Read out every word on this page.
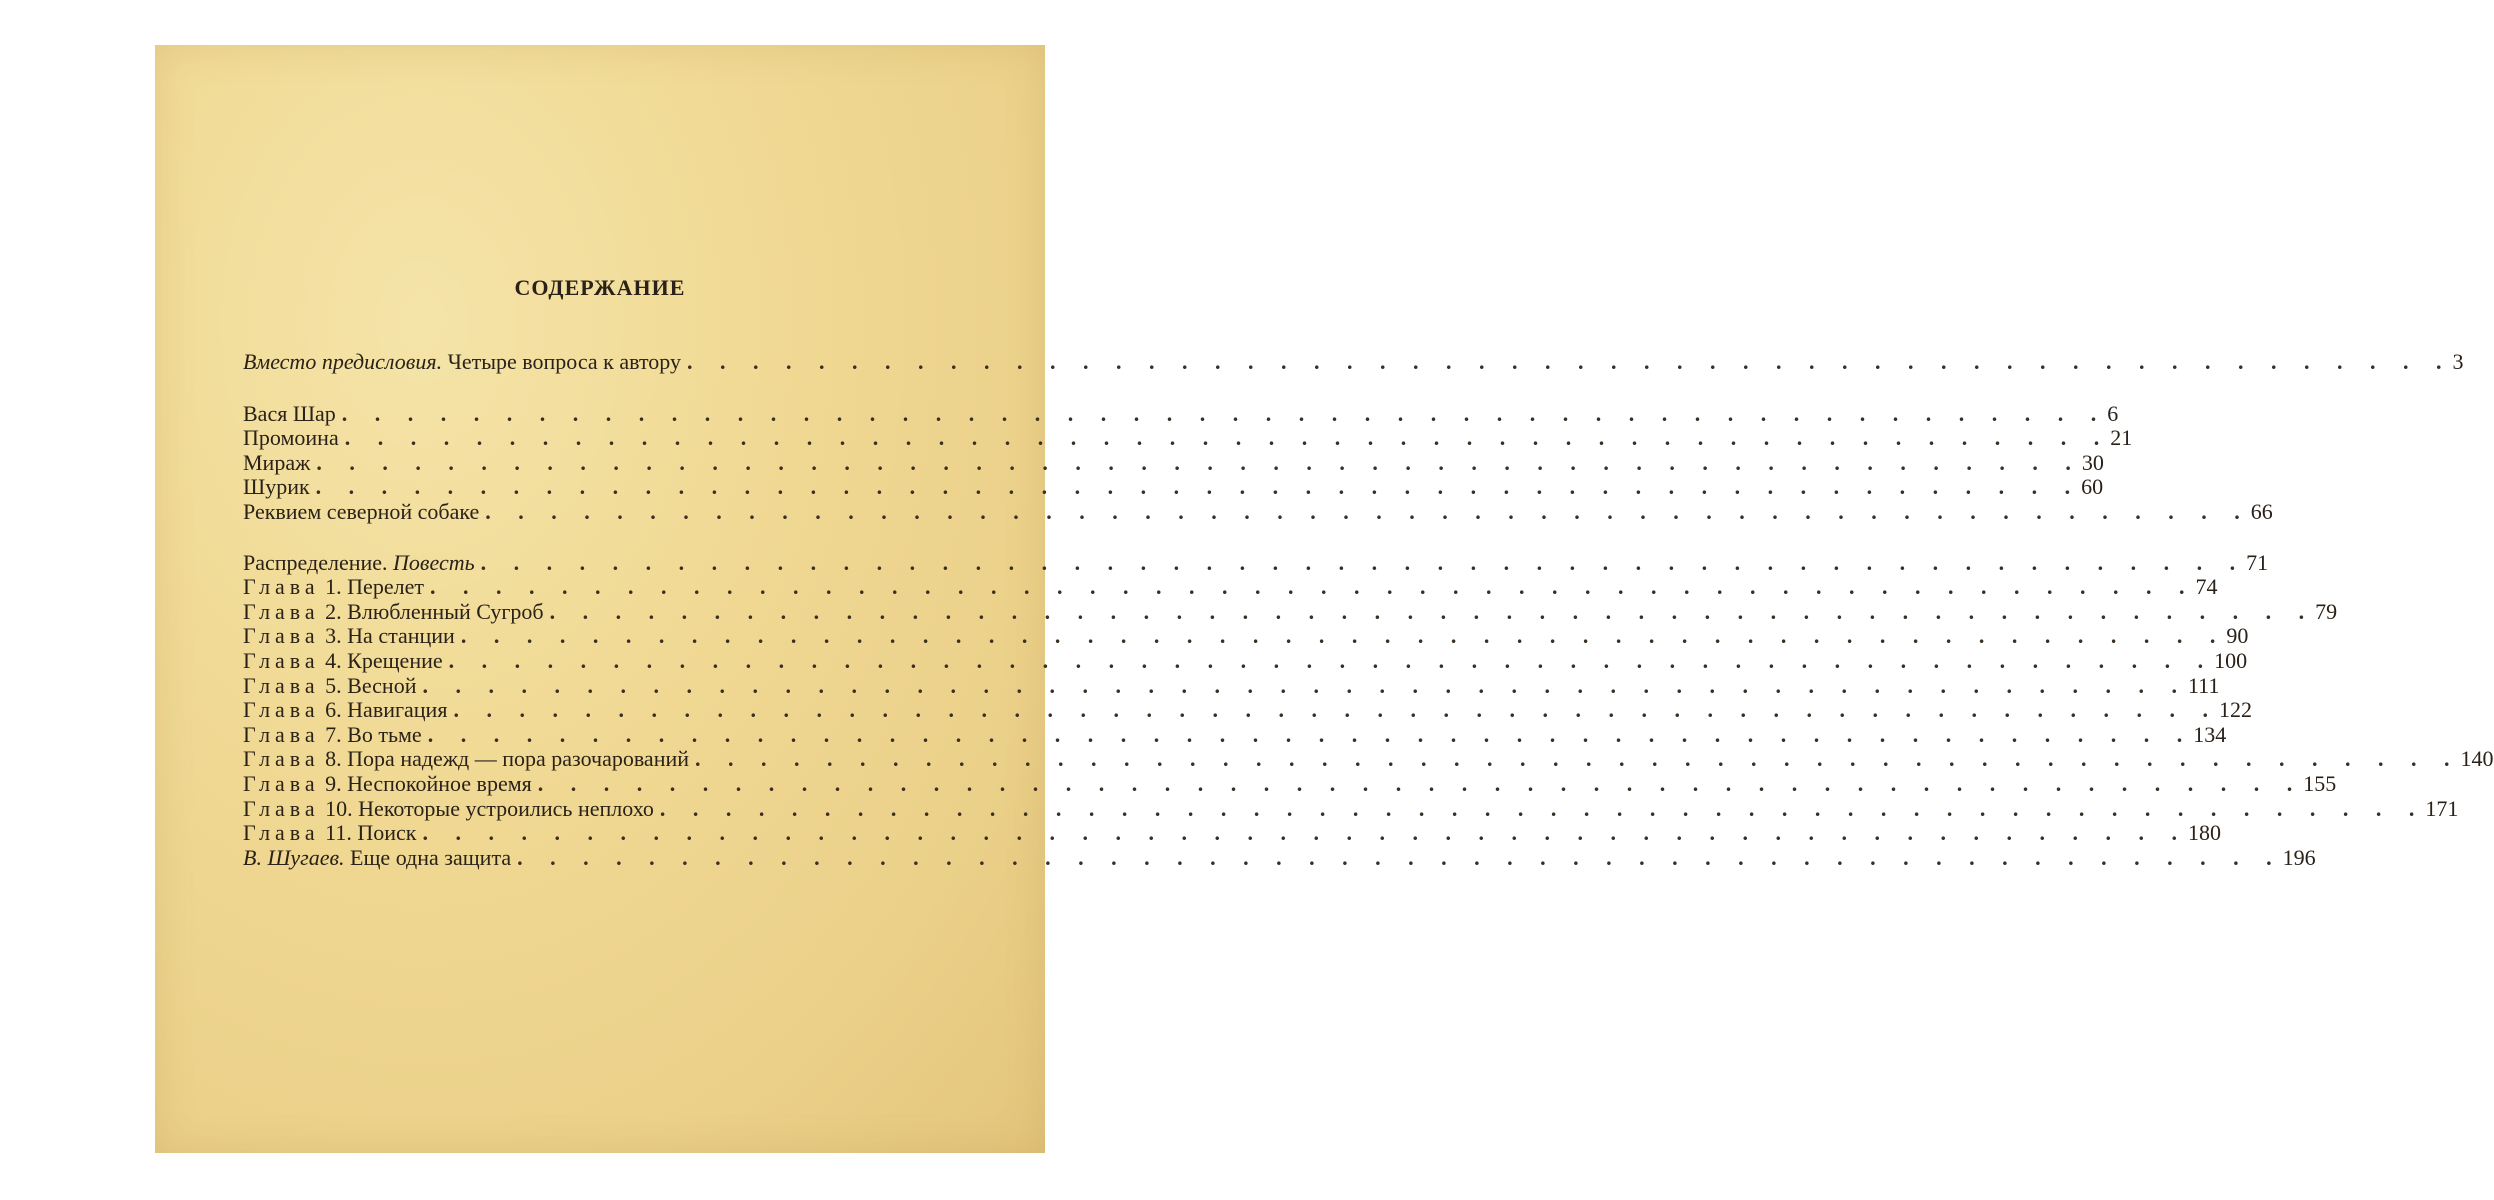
СОДЕРЖАНИЕ
Вместо предисловия. Четыре вопроса к автору . . . . . . . . . . . . . . . . . . . . . . . . . . . . . . . . . . . . . . . . . . . . . . . . . . . . . . 3
Вася Шар . . . . . . . . . . . . . . . . . . . . . . . . . . . . . . . . . . . . . . . . . . . . . . . . . . . . . . 6
Промоина . . . . . . . . . . . . . . . . . . . . . . . . . . . . . . . . . . . . . . . . . . . . . . . . . . . . . . 21
Мираж . . . . . . . . . . . . . . . . . . . . . . . . . . . . . . . . . . . . . . . . . . . . . . . . . . . . . . 30
Шурик . . . . . . . . . . . . . . . . . . . . . . . . . . . . . . . . . . . . . . . . . . . . . . . . . . . . . . 60
Реквием северной собаке . . . . . . . . . . . . . . . . . . . . . . . . . . . . . . . . . . . . . . . . . . . . . . . . . . . . . . 66
Распределение. Повесть . . . . . . . . . . . . . . . . . . . . . . . . . . . . . . . . . . . . . . . . . . . . . . . . . . . . . . 71
Глава 1. Перелет . . . . . . . . . . . . . . . . . . . . . . . . . . . . . . . . . . . . . . . . . . . . . . . . . . . . . . 74
Глава 2. Влюбленный Сугроб . . . . . . . . . . . . . . . . . . . . . . . . . . . . . . . . . . . . . . . . . . . . . . . . . . . . . . 79
Глава 3. На станции . . . . . . . . . . . . . . . . . . . . . . . . . . . . . . . . . . . . . . . . . . . . . . . . . . . . . . 90
Глава 4. Крещение . . . . . . . . . . . . . . . . . . . . . . . . . . . . . . . . . . . . . . . . . . . . . . . . . . . . . . 100
Глава 5. Весной . . . . . . . . . . . . . . . . . . . . . . . . . . . . . . . . . . . . . . . . . . . . . . . . . . . . . . 111
Глава 6. Навигация . . . . . . . . . . . . . . . . . . . . . . . . . . . . . . . . . . . . . . . . . . . . . . . . . . . . . . 122
Глава 7. Во тьме . . . . . . . . . . . . . . . . . . . . . . . . . . . . . . . . . . . . . . . . . . . . . . . . . . . . . . 134
Глава 8. Пора надежд — пора разочарований . . . . . . . . . . . . . . . . . . . . . . . . . . . . . . . . . . . . . . . . . . . . . . . . . . . . . . 140
Глава 9. Неспокойное время . . . . . . . . . . . . . . . . . . . . . . . . . . . . . . . . . . . . . . . . . . . . . . . . . . . . . . 155
Глава 10. Некоторые устроились неплохо . . . . . . . . . . . . . . . . . . . . . . . . . . . . . . . . . . . . . . . . . . . . . . . . . . . . . . 171
Глава 11. Поиск . . . . . . . . . . . . . . . . . . . . . . . . . . . . . . . . . . . . . . . . . . . . . . . . . . . . . . 180
В. Шугаев. Еще одна защита . . . . . . . . . . . . . . . . . . . . . . . . . . . . . . . . . . . . . . . . . . . . . . . . . . . . . . 196
